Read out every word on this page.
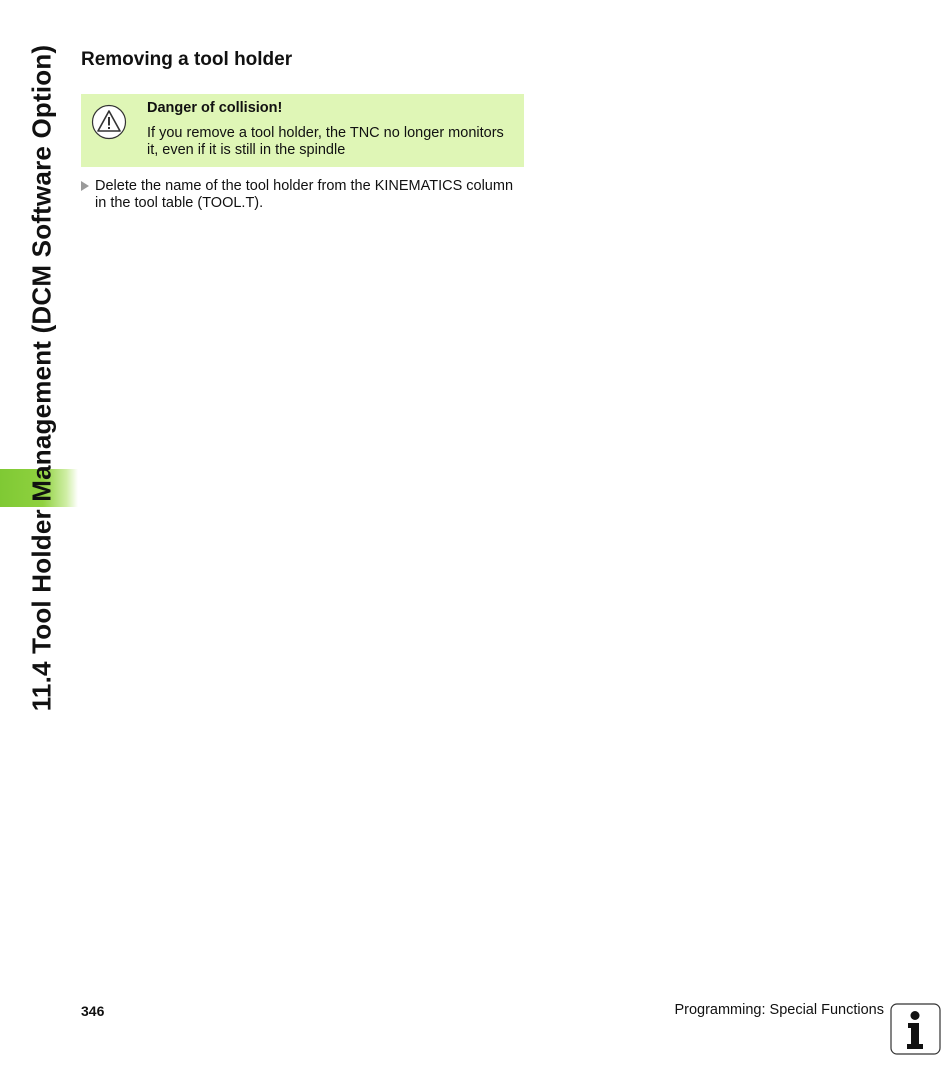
11.4 Tool Holder Management (DCM Software Option) Removing a tool holder
Danger of collision!
If you remove a tool holder, the TNC no longer monitors it, even if it is still in the spindle
Delete the name of the tool holder from the KINEMATICS column in the tool table (TOOL.T).
346	Programming: Special Functions
